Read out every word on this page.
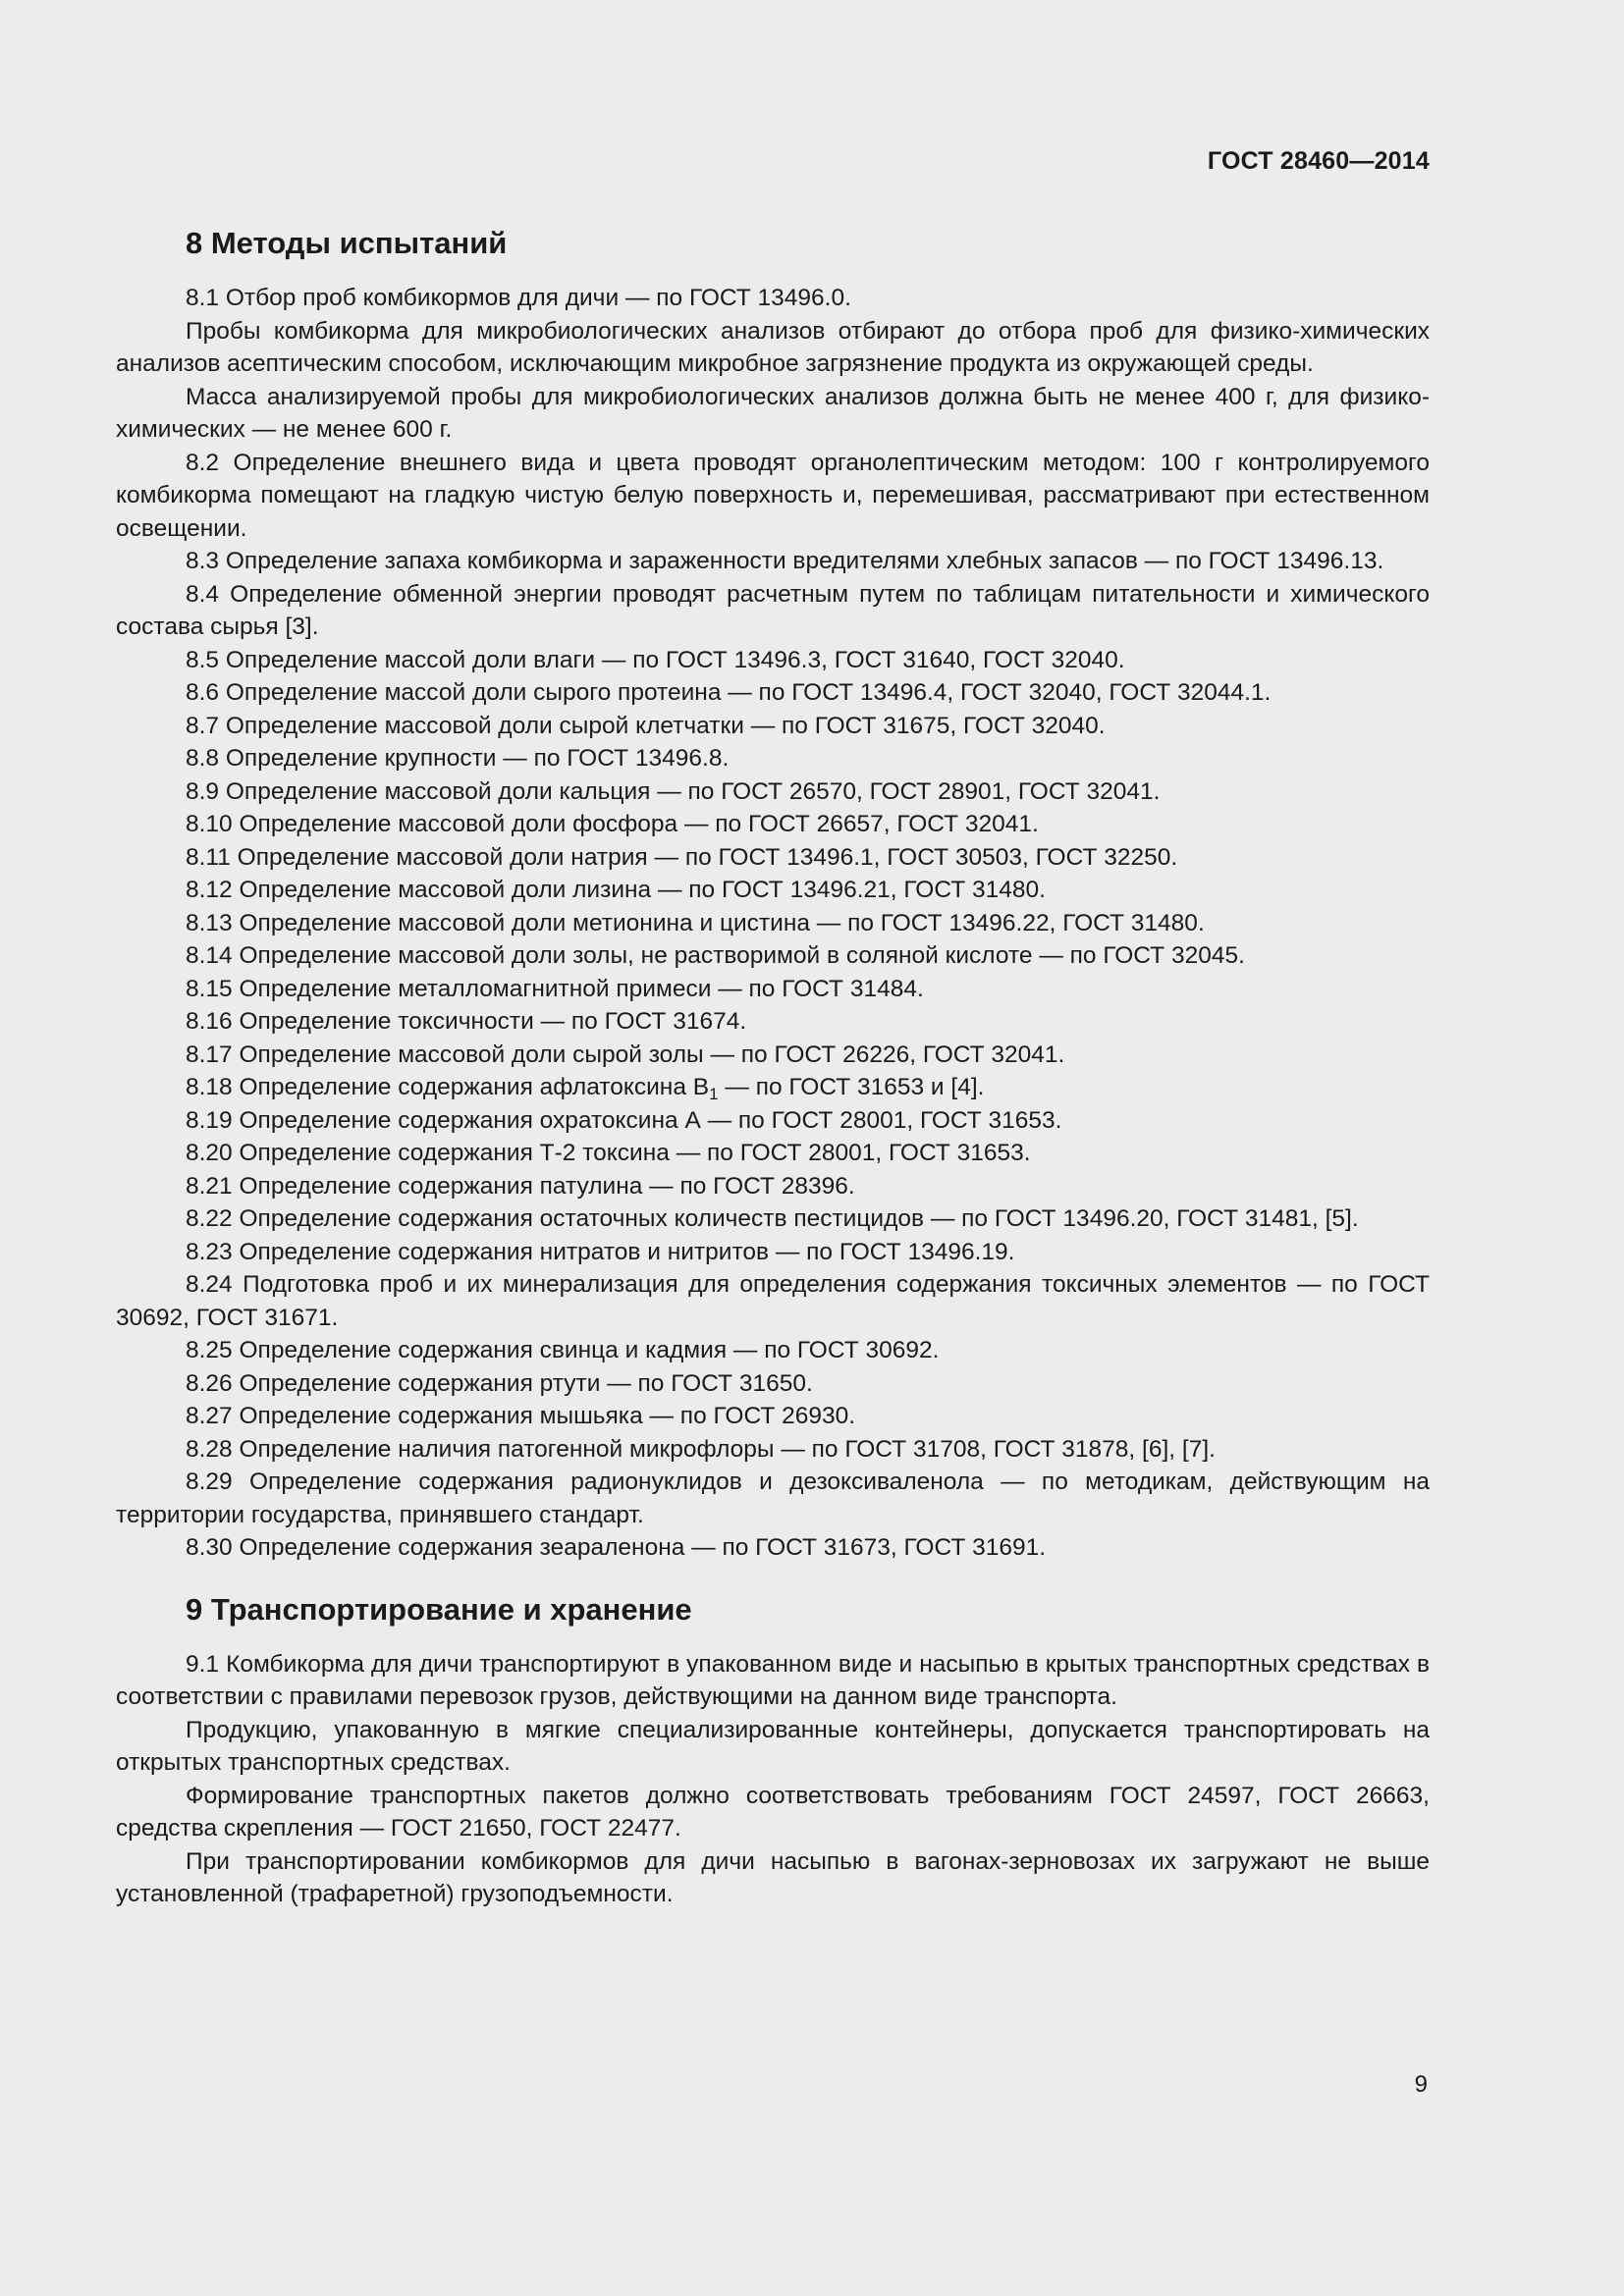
ГОСТ 28460—2014
8 Методы испытаний

8.1 Отбор проб комбикормов для дичи — по ГОСТ 13496.0.

Пробы комбикорма для микробиологических анализов отбирают до отбора проб для физико-химических анализов асептическим способом, исключающим микробное загрязнение продукта из окружающей среды.

Масса анализируемой пробы для микробиологических анализов должна быть не менее 400 г, для физико-химических — не менее 600 г.

8.2 Определение внешнего вида и цвета проводят органолептическим методом: 100 г контролируемого комбикорма помещают на гладкую чистую белую поверхность и, перемешивая, рассматривают при естественном освещении.

8.3 Определение запаха комбикорма и зараженности вредителями хлебных запасов — по ГОСТ 13496.13.

8.4 Определение обменной энергии проводят расчетным путем по таблицам питательности и химического состава сырья [3].

8.5 Определение массой доли влаги — по ГОСТ 13496.3, ГОСТ 31640, ГОСТ 32040.

8.6 Определение массой доли сырого протеина — по ГОСТ 13496.4, ГОСТ 32040, ГОСТ 32044.1.

8.7 Определение массовой доли сырой клетчатки — по ГОСТ 31675, ГОСТ 32040.

8.8 Определение крупности — по ГОСТ 13496.8.

8.9 Определение массовой доли кальция — по ГОСТ 26570, ГОСТ 28901, ГОСТ 32041.

8.10 Определение массовой доли фосфора — по ГОСТ 26657, ГОСТ 32041.

8.11 Определение массовой доли натрия — по ГОСТ 13496.1, ГОСТ 30503, ГОСТ 32250.

8.12 Определение массовой доли лизина — по ГОСТ 13496.21, ГОСТ 31480.

8.13 Определение массовой доли метионина и цистина — по ГОСТ 13496.22, ГОСТ 31480.

8.14 Определение массовой доли золы, не растворимой в соляной кислоте — по ГОСТ 32045.

8.15 Определение металломагнитной примеси — по ГОСТ 31484.

8.16 Определение токсичности — по ГОСТ 31674.

8.17 Определение массовой доли сырой золы — по ГОСТ 26226, ГОСТ 32041.

8.18 Определение содержания афлатоксина $В_1$ — по ГОСТ 31653 и [4].

8.19 Определение содержания охратоксина А — по ГОСТ 28001, ГОСТ 31653.

8.20 Определение содержания Т-2 токсина — по ГОСТ 28001, ГОСТ 31653.

8.21 Определение содержания патулина — по ГОСТ 28396.

8.22 Определение содержания остаточных количеств пестицидов — по ГОСТ 13496.20, ГОСТ 31481, [5].

8.23 Определение содержания нитратов и нитритов — по ГОСТ 13496.19.

8.24 Подготовка проб и их минерализация для определения содержания токсичных элементов — по ГОСТ 30692, ГОСТ 31671.

8.25 Определение содержания свинца и кадмия — по ГОСТ 30692.

8.26 Определение содержания ртути — по ГОСТ 31650.

8.27 Определение содержания мышьяка — по ГОСТ 26930.

8.28 Определение наличия патогенной микрофлоры — по ГОСТ 31708, ГОСТ 31878, [6], [7].

8.29 Определение содержания радионуклидов и дезоксиваленола — по методикам, действующим на территории государства, принявшего стандарт.

8.30 Определение содержания зеараленона — по ГОСТ 31673, ГОСТ 31691.

9 Транспортирование и хранение

9.1 Комбикорма для дичи транспортируют в упакованном виде и насыпью в крытых транспортных средствах в соответствии с правилами перевозок грузов, действующими на данном виде транспорта.

Продукцию, упакованную в мягкие специализированные контейнеры, допускается транспортировать на открытых транспортных средствах.

Формирование транспортных пакетов должно соответствовать требованиям ГОСТ 24597, ГОСТ 26663, средства скрепления — ГОСТ 21650, ГОСТ 22477.

При транспортировании комбикормов для дичи насыпью в вагонах-зерновозах их загружают не выше установленной (трафаретной) грузоподъемности.

9
